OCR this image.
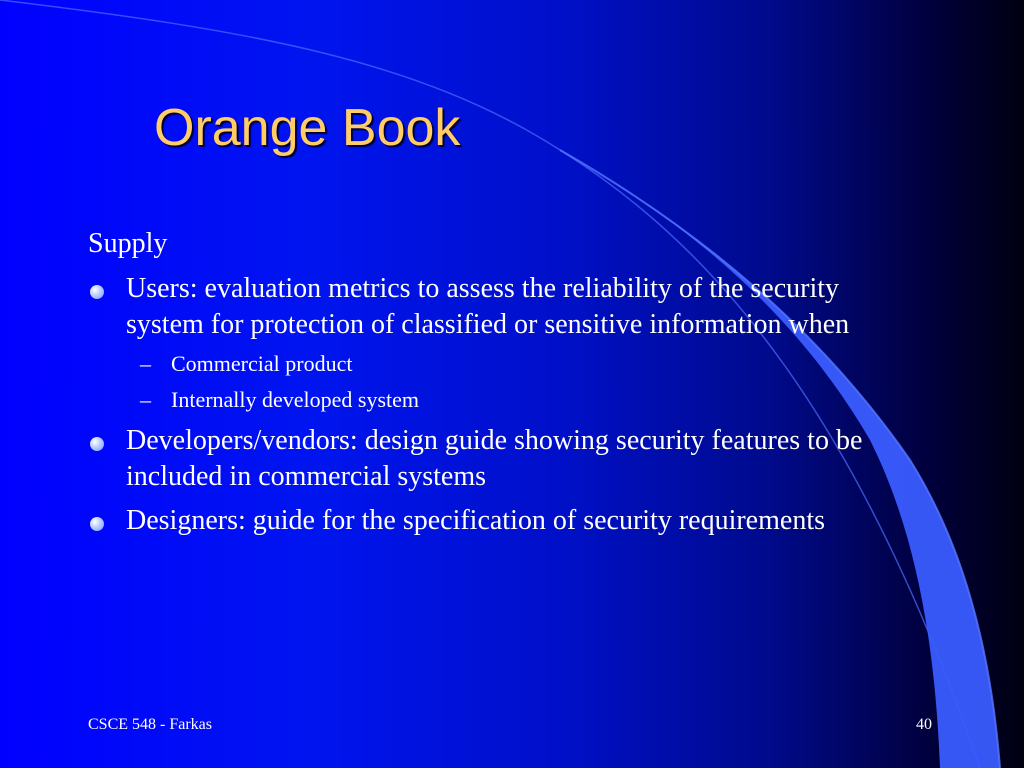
Orange Book
Supply
Users: evaluation metrics to assess the reliability of the security system for protection of classified or sensitive information when
– Commercial product
– Internally developed system
Developers/vendors: design guide showing security features to be included in commercial systems
Designers: guide for the specification of security requirements
CSCE 548 - Farkas	40
